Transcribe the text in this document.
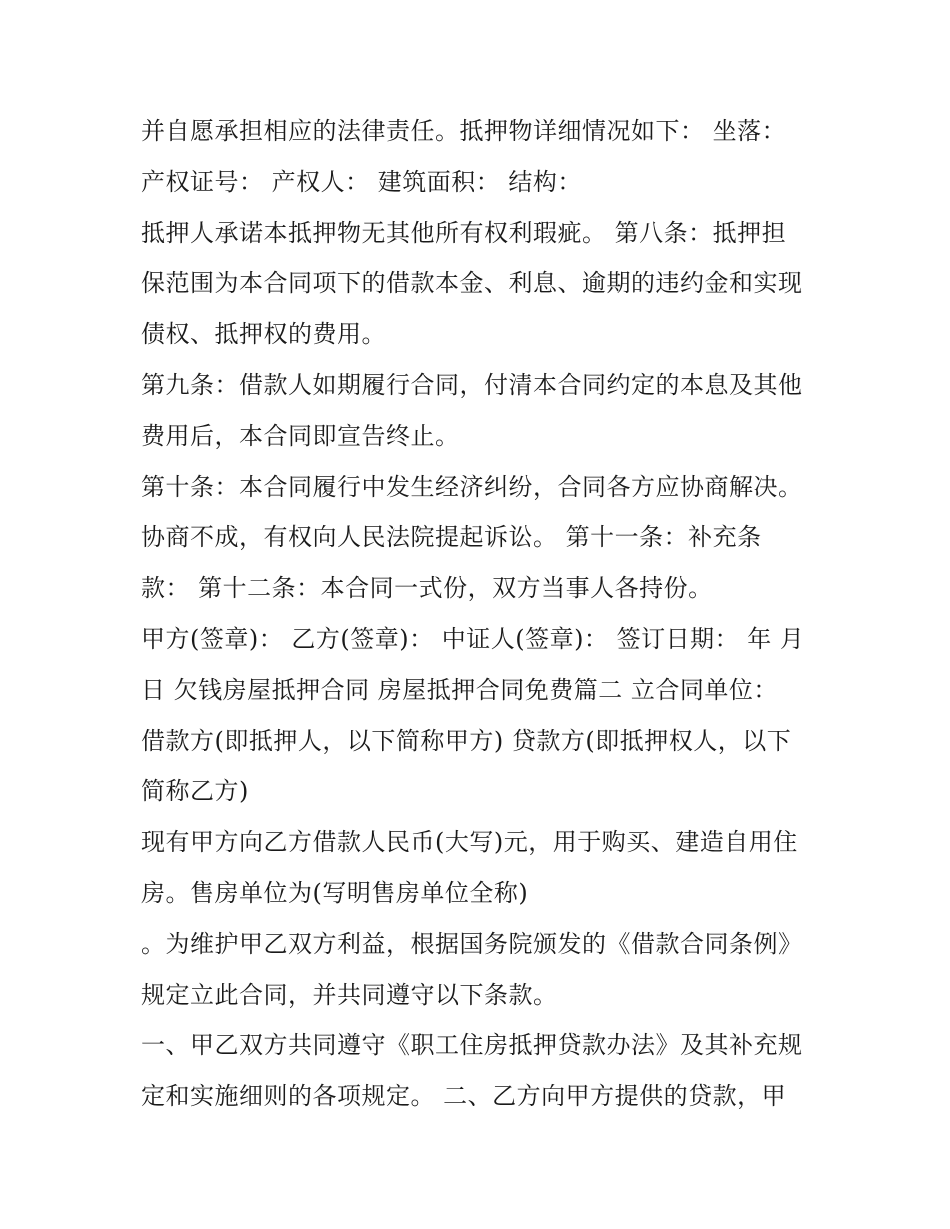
并自愿承担相应的法律责任。抵押物详细情况如下： 坐落：
产权证号： 产权人： 建筑面积： 结构：
抵押人承诺本抵押物无其他所有权利瑕疵。 第八条：抵押担
保范围为本合同项下的借款本金、利息、逾期的违约金和实现
债权、抵押权的费用。
第九条：借款人如期履行合同，付清本合同约定的本息及其他
费用后，本合同即宣告终止。
第十条：本合同履行中发生经济纠纷，合同各方应协商解决。
协商不成，有权向人民法院提起诉讼。 第十一条：补充条
款： 第十二条：本合同一式份，双方当事人各持份。
甲方(签章)： 乙方(签章)： 中证人(签章)： 签订日期： 年 月
日 欠钱房屋抵押合同 房屋抵押合同免费篇二 立合同单位：
借款方(即抵押人，以下简称甲方) 贷款方(即抵押权人，以下
简称乙方)
现有甲方向乙方借款人民币(大写)元，用于购买、建造自用住
房。售房单位为(写明售房单位全称)
。为维护甲乙双方利益，根据国务院颁发的《借款合同条例》
规定立此合同，并共同遵守以下条款。
一、甲乙双方共同遵守《职工住房抵押贷款办法》及其补充规
定和实施细则的各项规定。 二、乙方向甲方提供的贷款，甲
